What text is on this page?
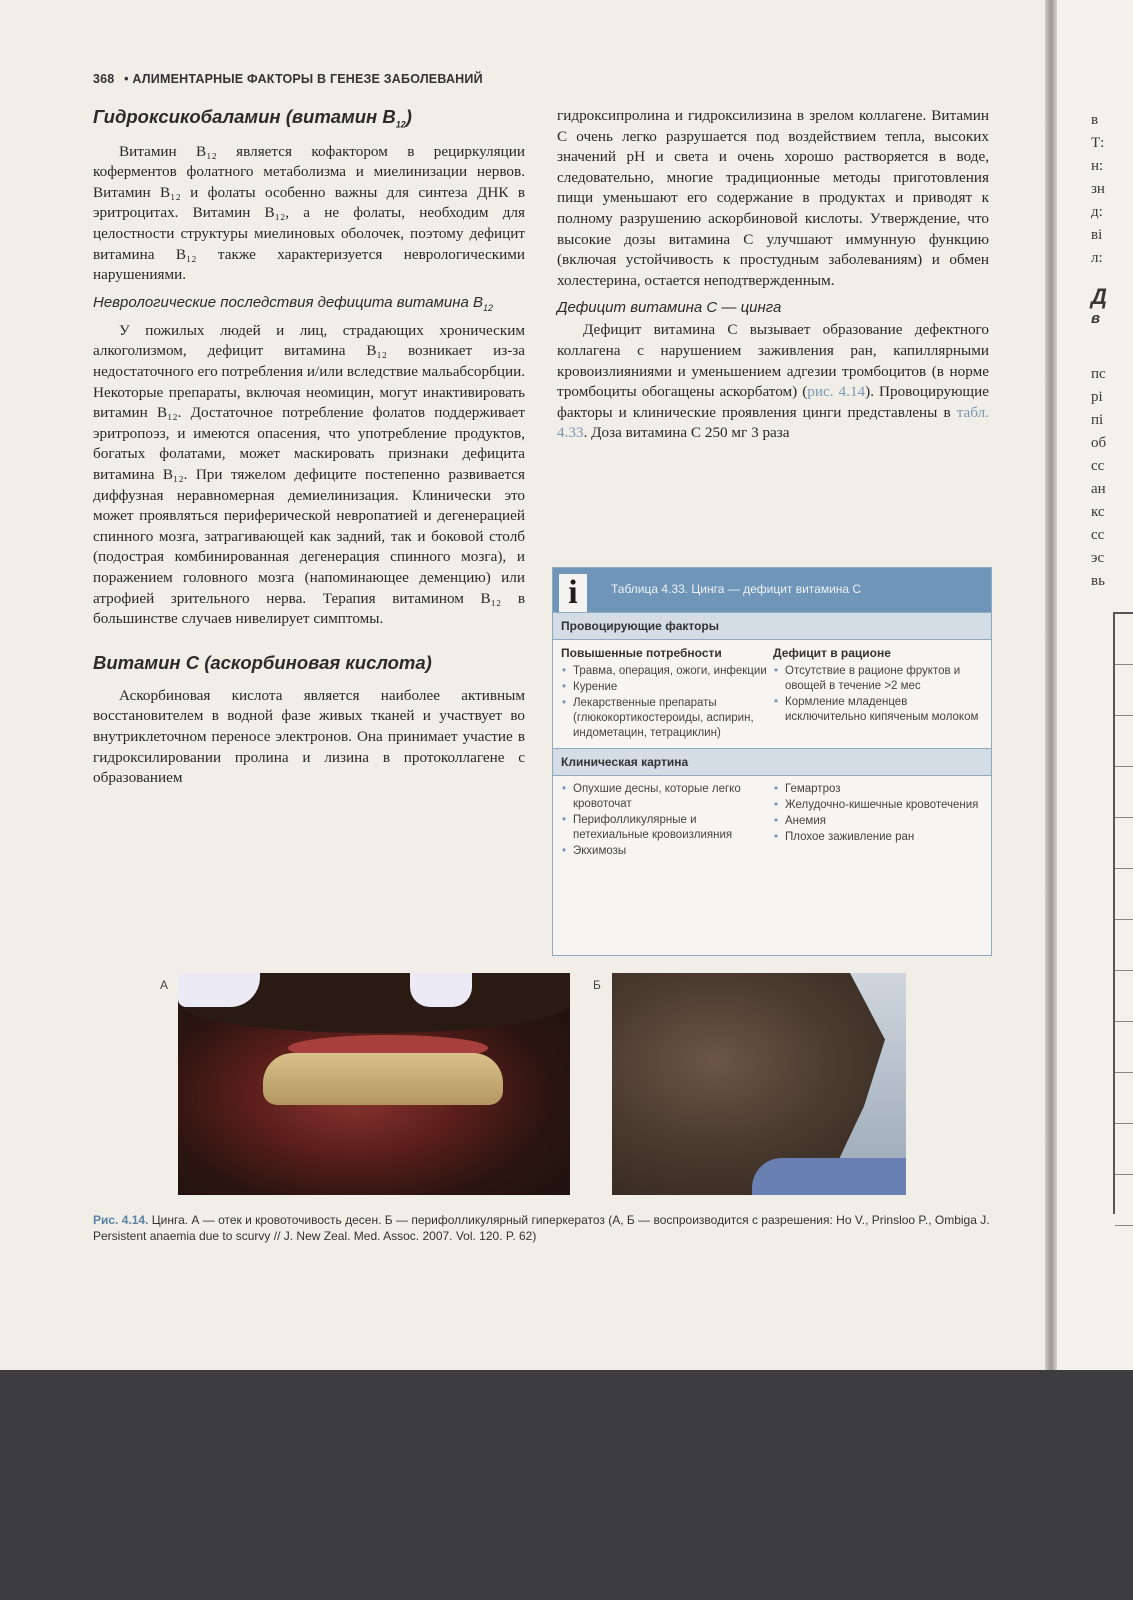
368 • АЛИМЕНТАРНЫЕ ФАКТОРЫ В ГЕНЕЗЕ ЗАБОЛЕВАНИЙ
Гидроксикобаламин (витамин $B_{12}$)

Витамин B₁₂ является кофактором в рециркуляции коферментов фолатного метаболизма и миелинизации нервов. Витамин B₁₂ и фолаты особенно важны для синтеза ДНК в эритроцитах. Витамин B₁₂, а не фолаты, необходим для целостности структуры миелиновых оболочек, поэтому дефицит витамина B₁₂ также характеризуется неврологическими нарушениями.

Неврологические последствия дефицита витамина $B_{12}$

У пожилых людей и лиц, страдающих хроническим алкоголизмом, дефицит витамина B₁₂ возникает из-за недостаточного его потребления и/или вследствие мальабсорбции. Некоторые препараты, включая неомицин, могут инактивировать витамин B₁₂. Достаточное потребление фолатов поддерживает эритропоэз, и имеются опасения, что употребление продуктов, богатых фолатами, может маскировать признаки дефицита витамина B₁₂. При тяжелом дефиците постепенно развивается диффузная неравномерная демиелинизация. Клинически это может проявляться периферической невропатией и дегенерацией спинного мозга, затрагивающей как задний, так и боковой столб (подострая комбинированная дегенерация спинного мозга), и поражением головного мозга (напоминающее деменцию) или атрофией зрительного нерва. Терапия витамином B₁₂ в большинстве случаев нивелирует симптомы.

Витамин C (аскорбиновая кислота)

Аскорбиновая кислота является наиболее активным восстановителем в водной фазе живых тканей и участвует во внутриклеточном переносе электронов. Она принимает участие в гидроксилировании пролина и лизина в протоколлагене с образованием

гидроксипролина и гидроксилизина в зрелом коллагене. Витамин C очень легко разрушается под воздействием тепла, высоких значений pH и света и очень хорошо растворяется в воде, следовательно, многие традиционные методы приготовления пищи уменьшают его содержание в продуктах и приводят к полному разрушению аскорбиновой кислоты. Утверждение, что высокие дозы витамина C улучшают иммунную функцию (включая устойчивость к простудным заболеваниям) и обмен холестерина, остается неподтвержденным.

Дефицит витамина C — цинга

Дефицит витамина C вызывает образование дефектного коллагена с нарушением заживления ран, капиллярными кровоизлияниями и уменьшением адгезии тромбоцитов (в норме тромбоциты обогащены аскорбатом) (рис. 4.14). Провоцирующие факторы и клинические проявления цинги представлены в табл. 4.33. Доза витамина C 250 мг 3 раза

i	Таблица 4.33. Цинга — дефицит витамина C
Провоцирующие факторы
Повышенные потребности
• Травма, операция, ожоги, инфекции
• Курение
• Лекарственные препараты (глюкокортикостероиды, аспирин, индометацин, тетрациклин)
Дефицит в рационе
• Отсутствие в рационе фруктов и овощей в течение >2 мес
• Кормление младенцев исключительно кипяченым молоком
Клиническая картина
• Опухшие десны, которые легко кровоточат
• Перифолликулярные и петехиальные кровоизлияния
• Экхимозы
• Гемартроз
• Желудочно-кишечные кровотечения
• Анемия
• Плохое заживление ран
А	Б
Рис. 4.14. Цинга. А — отек и кровоточивость десен. Б — перифолликулярный гиперкератоз (А, Б — воспроизводится с разрешения: Ho V., Prinsloo P., Ombiga J. Persistent anaemia due to scurvy // J. New Zeal. Med. Assoc. 2007. Vol. 120. P. 62)
в
Т:
н:
зн
д:
ві
л:
Д
в
пс
рі
пі
об
сс
ан
кс
сс
эс
вь
